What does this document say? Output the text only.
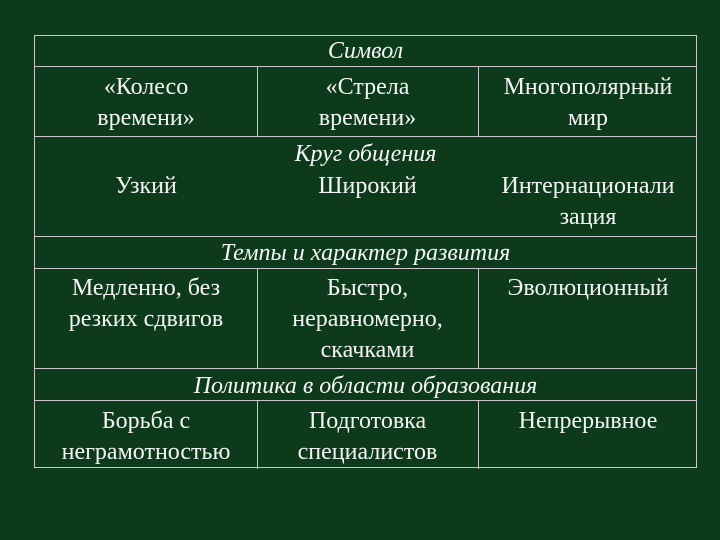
Символ
«Колесо
времени»
«Стрела
времени»
Многополярный
мир
Круг общения
Узкий	Широкий	Интернационали
зация
Темпы и характер развития
Медленно, без
резких сдвигов
Быстро,
неравномерно,
скачками
Эволюционный
Политика в области образования
Борьба с
неграмотностью
Подготовка
специалистов
Непрерывное
